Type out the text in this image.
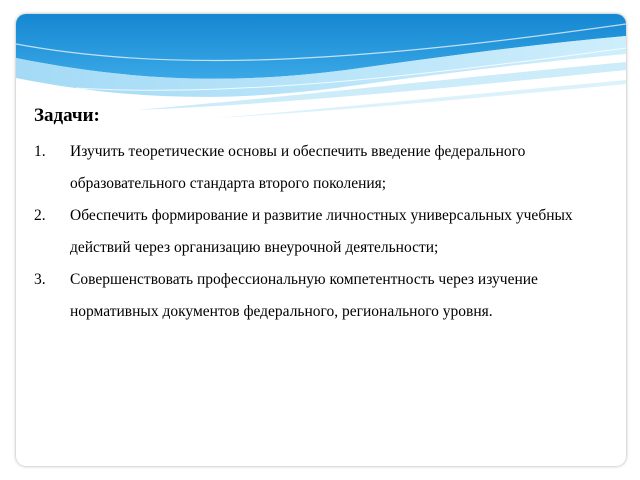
Задачи:
1. Изучить теоретические основы и обеспечить введение федерального образовательного стандарта второго поколения;
2. Обеспечить формирование и развитие личностных универсальных учебных действий через организацию внеурочной деятельности;
3. Совершенствовать профессиональную компетентность через изучение нормативных документов федерального, регионального уровня.
